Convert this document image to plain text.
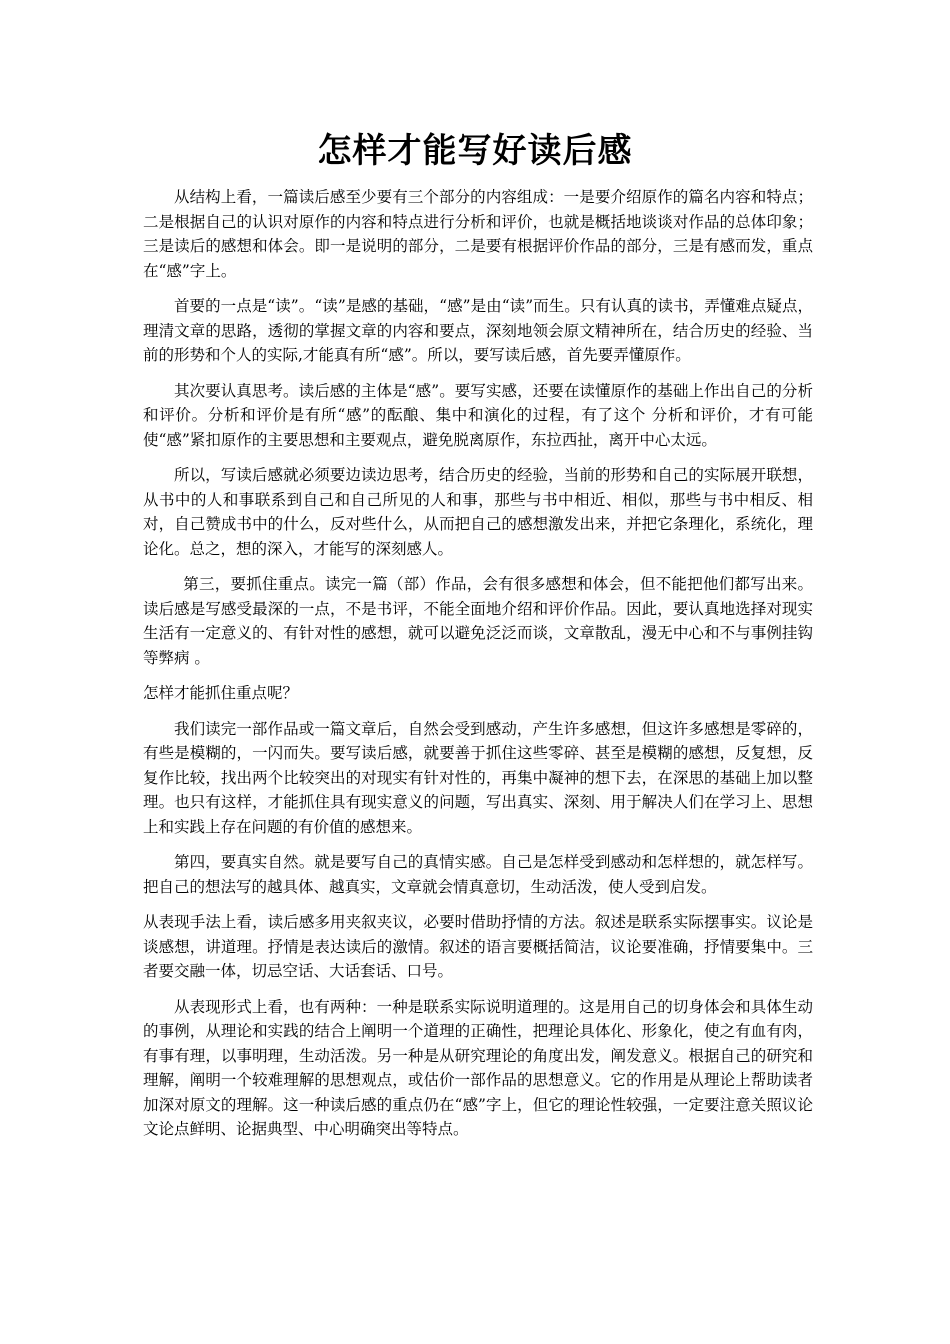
怎样才能写好读后感

从结构上看，一篇读后感至少要有三个部分的内容组成：一是要介绍原作的篇名内容和特点；二是根据自己的认识对原作的内容和特点进行分析和评价，也就是概括地谈谈对作品的总体印象；三是读后的感想和体会。即一是说明的部分，二是要有根据评价作品的部分，三是有感而发，重点在“感”字上。

首要的一点是“读”。“读”是感的基础，“感”是由“读”而生。只有认真的读书，弄懂难点疑点，理清文章的思路，透彻的掌握文章的内容和要点，深刻地领会原文精神所在，结合历史的经验、当前的形势和个人的实际,才能真有所“感”。所以，要写读后感，首先要弄懂原作。

其次要认真思考。读后感的主体是“感”。要写实感，还要在读懂原作的基础上作出自己的分析和评价。分析和评价是有所“感”的酝酿、集中和演化的过程，有了这个 分析和评价，才有可能使“感”紧扣原作的主要思想和主要观点，避免脱离原作，东拉西扯，离开中心太远。

所以，写读后感就必须要边读边思考，结合历史的经验，当前的形势和自己的实际展开联想，从书中的人和事联系到自己和自己所见的人和事，那些与书中相近、相似，那些与书中相反、相对，自己赞成书中的什么，反对些什么，从而把自己的感想激发出来，并把它条理化，系统化，理论化。总之，想的深入，才能写的深刻感人。

第三，要抓住重点。读完一篇（部）作品，会有很多感想和体会，但不能把他们都写出来。读后感是写感受最深的一点，不是书评，不能全面地介绍和评价作品。因此，要认真地选择对现实生活有一定意义的、有针对性的感想，就可以避免泛泛而谈，文章散乱，漫无中心和不与事例挂钩等弊病 。

怎样才能抓住重点呢？

我们读完一部作品或一篇文章后，自然会受到感动，产生许多感想，但这许多感想是零碎的，有些是模糊的，一闪而失。要写读后感，就要善于抓住这些零碎、甚至是模糊的感想，反复想，反复作比较，找出两个比较突出的对现实有针对性的，再集中凝神的想下去，在深思的基础上加以整理。也只有这样，才能抓住具有现实意义的问题，写出真实、深刻、用于解决人们在学习上、思想上和实践上存在问题的有价值的感想来。

第四，要真实自然。就是要写自己的真情实感。自己是怎样受到感动和怎样想的，就怎样写。把自己的想法写的越具体、越真实，文章就会情真意切，生动活泼，使人受到启发。

从表现手法上看，读后感多用夹叙夹议，必要时借助抒情的方法。叙述是联系实际摆事实。议论是谈感想，讲道理。抒情是表达读后的激情。叙述的语言要概括简洁，议论要准确，抒情要集中。三者要交融一体，切忌空话、大话套话、口号。

从表现形式上看，也有两种：一种是联系实际说明道理的。这是用自己的切身体会和具体生动的事例，从理论和实践的结合上阐明一个道理的正确性，把理论具体化、形象化，使之有血有肉，有事有理，以事明理，生动活泼。另一种是从研究理论的角度出发，阐发意义。根据自己的研究和理解，阐明一个较难理解的思想观点，或估价一部作品的思想意义。它的作用是从理论上帮助读者加深对原文的理解。这一种读后感的重点仍在“感”字上，但它的理论性较强，一定要注意关照议论文论点鲜明、论据典型、中心明确突出等特点。
